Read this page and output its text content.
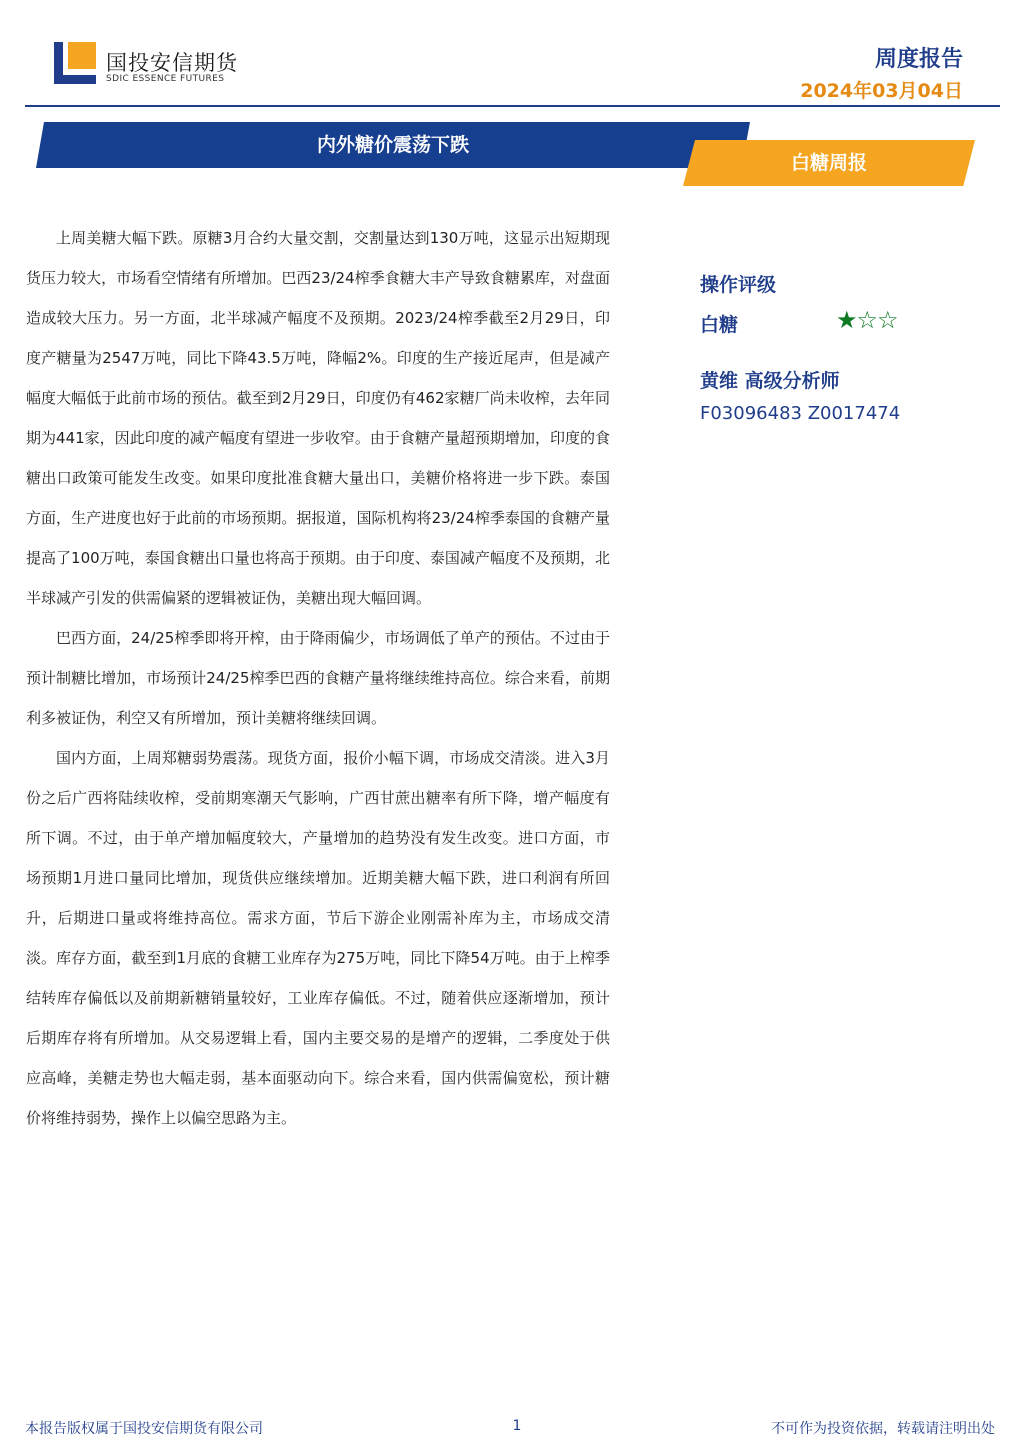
国投安信期货
SDIC ESSENCE FUTURES
周度报告
2024年03月04日
内外糖价震荡下跌
白糖周报

上周美糖大幅下跌。原糖3月合约大量交割，交割量达到130万吨，这显示出短期现货压力较大，市场看空情绪有所增加。巴西23/24榨季食糖大丰产导致食糖累库，对盘面造成较大压力。另一方面，北半球减产幅度不及预期。2023/24榨季截至2月29日，印度产糖量为2547万吨，同比下降43.5万吨，降幅2%。印度的生产接近尾声，但是减产幅度大幅低于此前市场的预估。截至到2月29日，印度仍有462家糖厂尚未收榨，去年同期为441家，因此印度的减产幅度有望进一步收窄。由于食糖产量超预期增加，印度的食糖出口政策可能发生改变。如果印度批准食糖大量出口，美糖价格将进一步下跌。泰国方面，生产进度也好于此前的市场预期。据报道，国际机构将23/24榨季泰国的食糖产量提高了100万吨，泰国食糖出口量也将高于预期。由于印度、泰国减产幅度不及预期，北半球减产引发的供需偏紧的逻辑被证伪，美糖出现大幅回调。

巴西方面，24/25榨季即将开榨，由于降雨偏少，市场调低了单产的预估。不过由于预计制糖比增加，市场预计24/25榨季巴西的食糖产量将继续维持高位。综合来看，前期利多被证伪，利空又有所增加，预计美糖将继续回调。

国内方面，上周郑糖弱势震荡。现货方面，报价小幅下调，市场成交清淡。进入3月份之后广西将陆续收榨，受前期寒潮天气影响，广西甘蔗出糖率有所下降，增产幅度有所下调。不过，由于单产增加幅度较大，产量增加的趋势没有发生改变。进口方面，市场预期1月进口量同比增加，现货供应继续增加。近期美糖大幅下跌，进口利润有所回升，后期进口量或将维持高位。需求方面，节后下游企业刚需补库为主，市场成交清淡。库存方面，截至到1月底的食糖工业库存为275万吨，同比下降54万吨。由于上榨季结转库存偏低以及前期新糖销量较好，工业库存偏低。不过，随着供应逐渐增加，预计后期库存将有所增加。从交易逻辑上看，国内主要交易的是增产的逻辑，二季度处于供应高峰，美糖走势也大幅走弱，基本面驱动向下。综合来看，国内供需偏宽松，预计糖价将维持弱势，操作上以偏空思路为主。

操作评级
白糖	★☆☆
黄维 高级分析师
F03096483 Z0017474
本报告版权属于国投安信期货有限公司	1	不可作为投资依据，转载请注明出处
